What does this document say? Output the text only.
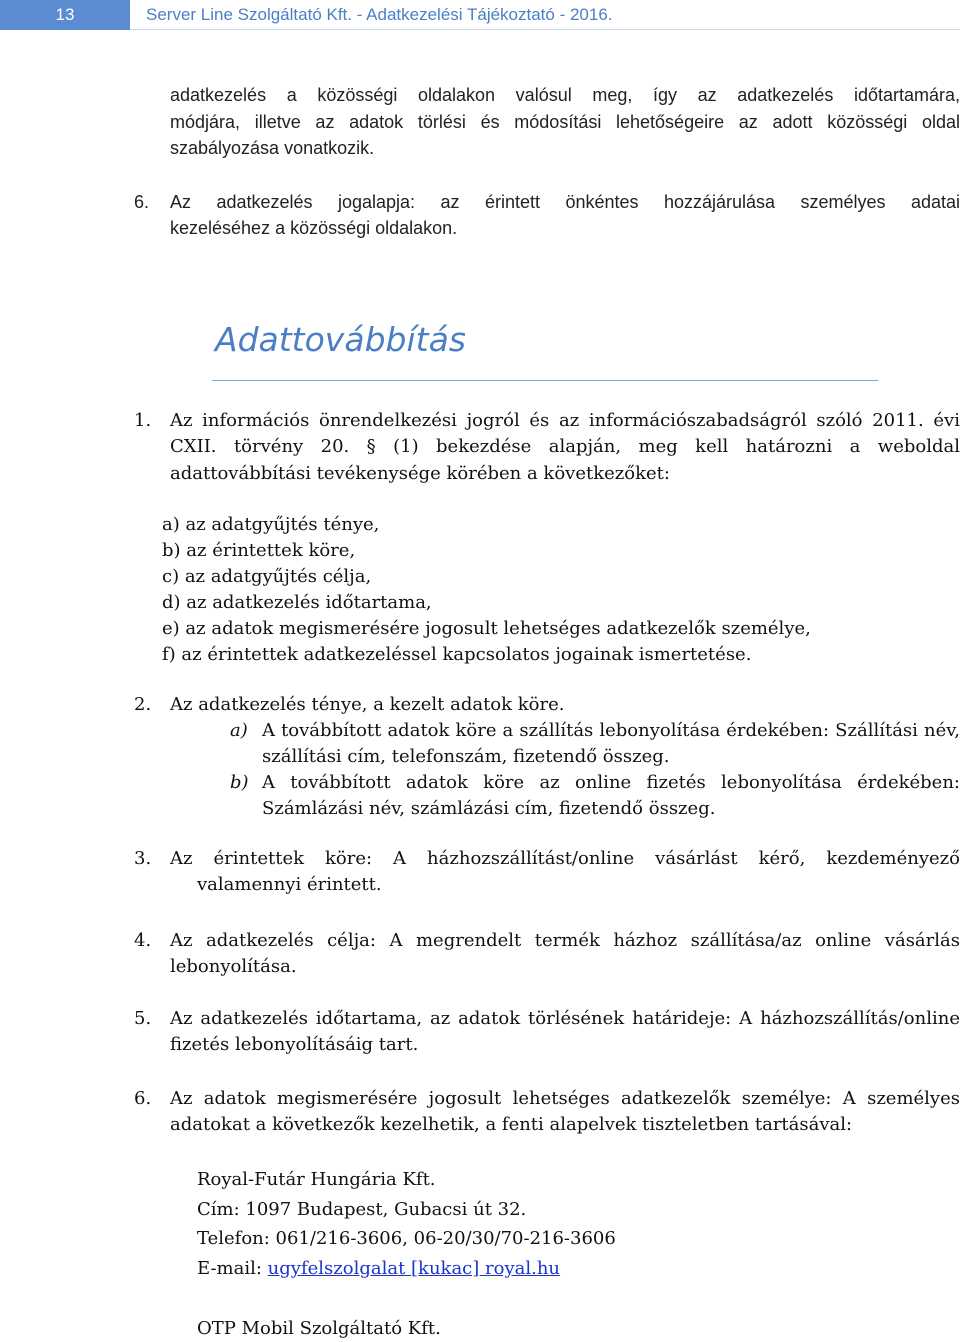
13	Server Line Szolgáltató Kft. - Adatkezelési Tájékoztató - 2016.
adatkezelés a közösségi oldalakon valósul meg, így az adatkezelés időtartamára,
módjára, illetve az adatok törlési és módosítási lehetőségeire az adott közösségi oldal
szabályozása vonatkozik.
6. Az adatkezelés jogalapja: az érintett önkéntes hozzájárulása személyes adatai
kezeléséhez a közösségi oldalakon.
Adattovábbítás
1. Az információs önrendelkezési jogról és az információszabadságról szóló 2011. évi
CXII. törvény 20. § (1) bekezdése alapján, meg kell határozni a weboldal
adattovábbítási tevékenysége körében a következőket:
a) az adatgyűjtés ténye,
b) az érintettek köre,
c) az adatgyűjtés célja,
d) az adatkezelés időtartama,
e) az adatok megismerésére jogosult lehetséges adatkezelők személye,
f) az érintettek adatkezeléssel kapcsolatos jogainak ismertetése.
2. Az adatkezelés ténye, a kezelt adatok köre.
a) A továbbított adatok köre a szállítás lebonyolítása érdekében: Szállítási név,
szállítási cím, telefonszám, fizetendő összeg.
b) A továbbított adatok köre az online fizetés lebonyolítása érdekében:
Számlázási név, számlázási cím, fizetendő összeg.
3. Az érintettek köre: A házhozszállítást/online vásárlást kérő, kezdeményező
valamennyi érintett.
4. Az adatkezelés célja: A megrendelt termék házhoz szállítása/az online vásárlás
lebonyolítása.
5. Az adatkezelés időtartama, az adatok törlésének határideje: A házhozszállítás/online
fizetés lebonyolításáig tart.
6. Az adatok megismerésére jogosult lehetséges adatkezelők személye: A személyes
adatokat a következők kezelhetik, a fenti alapelvek tiszteletben tartásával:
Royal-Futár Hungária Kft.
Cím: 1097 Budapest, Gubacsi út 32.
Telefon: 061/216-3606, 06-20/30/70-216-3606
E-mail: ugyfelszolgalat [kukac] royal.hu
OTP Mobil Szolgáltató Kft.
